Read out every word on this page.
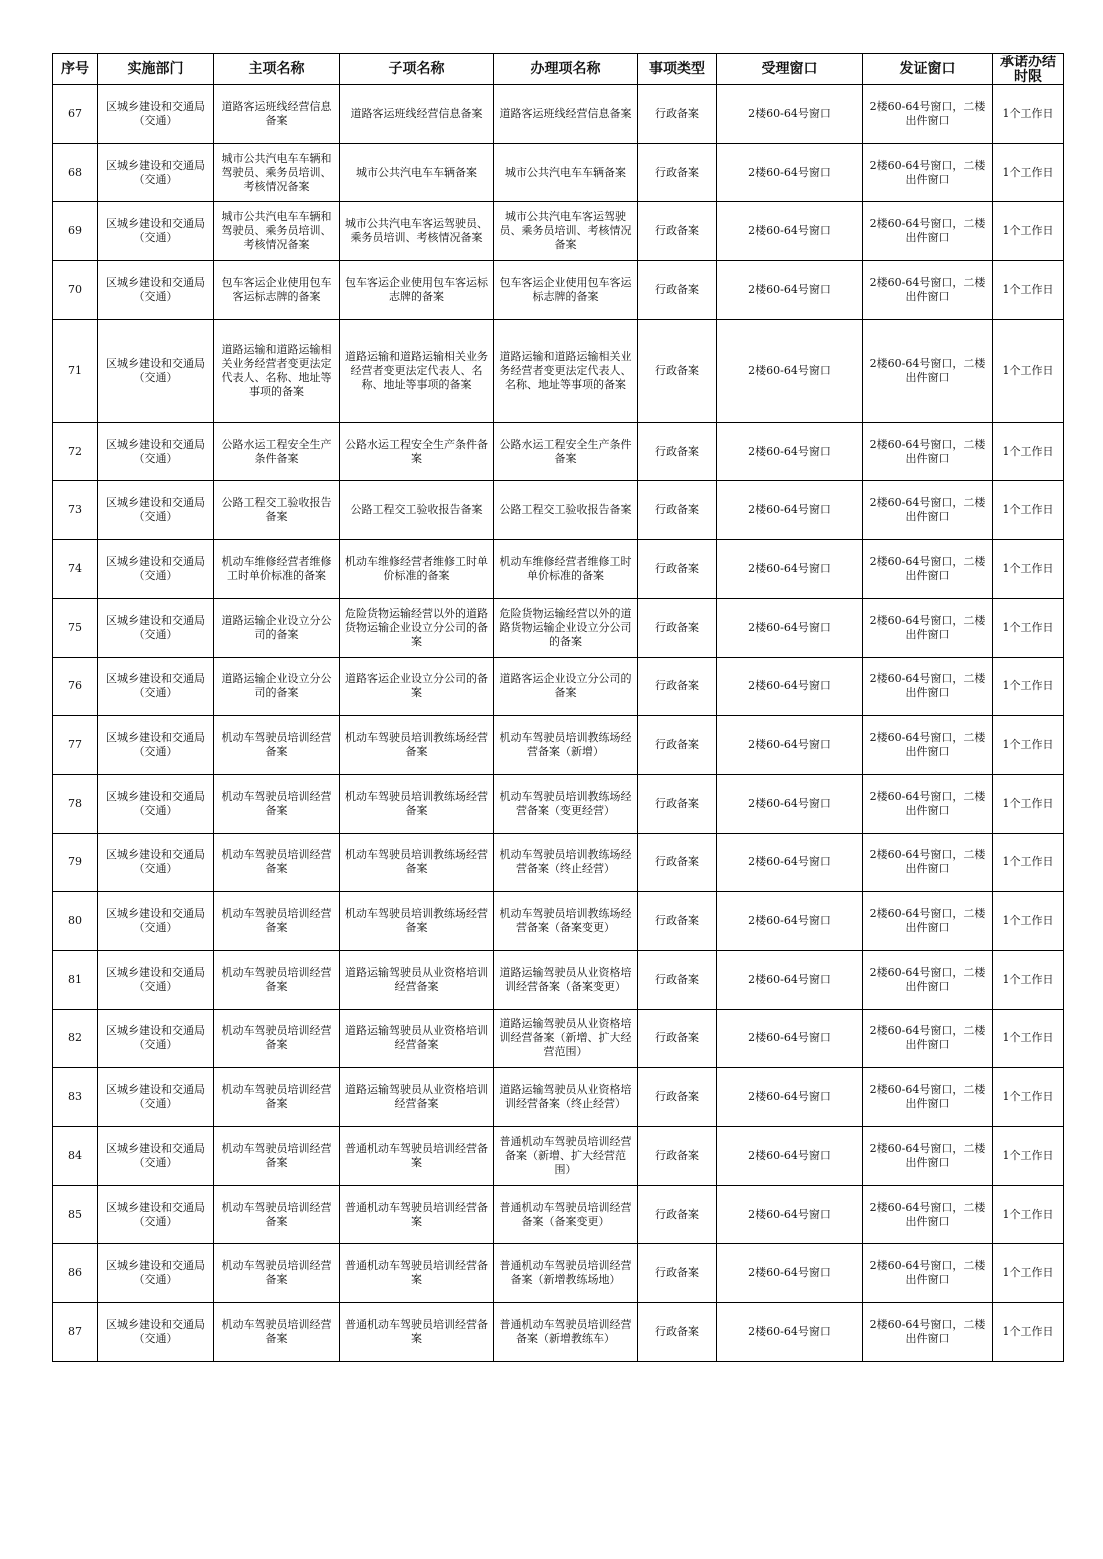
序号	实施部门	主项名称	子项名称	办理项名称	事项类型	受理窗口	发证窗口	承诺办结时限

67	区城乡建设和交通局（交通）	道路客运班线经营信息备案	道路客运班线经营信息备案	道路客运班线经营信息备案	行政备案	2楼60-64号窗口	2楼60-64号窗口，二楼出件窗口	1个工作日
68	区城乡建设和交通局（交通）	城市公共汽电车车辆和驾驶员、乘务员培训、考核情况备案	城市公共汽电车车辆备案	城市公共汽电车车辆备案	行政备案	2楼60-64号窗口	2楼60-64号窗口，二楼出件窗口	1个工作日
69	区城乡建设和交通局（交通）	城市公共汽电车车辆和驾驶员、乘务员培训、考核情况备案	城市公共汽电车客运驾驶员、乘务员培训、考核情况备案	城市公共汽电车客运驾驶员、乘务员培训、考核情况备案	行政备案	2楼60-64号窗口	2楼60-64号窗口，二楼出件窗口	1个工作日
70	区城乡建设和交通局（交通）	包车客运企业使用包车客运标志牌的备案	包车客运企业使用包车客运标志牌的备案	包车客运企业使用包车客运标志牌的备案	行政备案	2楼60-64号窗口	2楼60-64号窗口，二楼出件窗口	1个工作日
71	区城乡建设和交通局（交通）	道路运输和道路运输相关业务经营者变更法定代表人、名称、地址等事项的备案	道路运输和道路运输相关业务经营者变更法定代表人、名称、地址等事项的备案	道路运输和道路运输相关业务经营者变更法定代表人、名称、地址等事项的备案	行政备案	2楼60-64号窗口	2楼60-64号窗口，二楼出件窗口	1个工作日
72	区城乡建设和交通局（交通）	公路水运工程安全生产条件备案	公路水运工程安全生产条件备案	公路水运工程安全生产条件备案	行政备案	2楼60-64号窗口	2楼60-64号窗口，二楼出件窗口	1个工作日
73	区城乡建设和交通局（交通）	公路工程交工验收报告备案	公路工程交工验收报告备案	公路工程交工验收报告备案	行政备案	2楼60-64号窗口	2楼60-64号窗口，二楼出件窗口	1个工作日
74	区城乡建设和交通局（交通）	机动车维修经营者维修工时单价标准的备案	机动车维修经营者维修工时单价标准的备案	机动车维修经营者维修工时单价标准的备案	行政备案	2楼60-64号窗口	2楼60-64号窗口，二楼出件窗口	1个工作日
75	区城乡建设和交通局（交通）	道路运输企业设立分公司的备案	危险货物运输经营以外的道路货物运输企业设立分公司的备案	危险货物运输经营以外的道路货物运输企业设立分公司的备案	行政备案	2楼60-64号窗口	2楼60-64号窗口，二楼出件窗口	1个工作日
76	区城乡建设和交通局（交通）	道路运输企业设立分公司的备案	道路客运企业设立分公司的备案	道路客运企业设立分公司的备案	行政备案	2楼60-64号窗口	2楼60-64号窗口，二楼出件窗口	1个工作日
77	区城乡建设和交通局（交通）	机动车驾驶员培训经营备案	机动车驾驶员培训教练场经营备案	机动车驾驶员培训教练场经营备案（新增）	行政备案	2楼60-64号窗口	2楼60-64号窗口，二楼出件窗口	1个工作日
78	区城乡建设和交通局（交通）	机动车驾驶员培训经营备案	机动车驾驶员培训教练场经营备案	机动车驾驶员培训教练场经营备案（变更经营）	行政备案	2楼60-64号窗口	2楼60-64号窗口，二楼出件窗口	1个工作日
79	区城乡建设和交通局（交通）	机动车驾驶员培训经营备案	机动车驾驶员培训教练场经营备案	机动车驾驶员培训教练场经营备案（终止经营）	行政备案	2楼60-64号窗口	2楼60-64号窗口，二楼出件窗口	1个工作日
80	区城乡建设和交通局（交通）	机动车驾驶员培训经营备案	机动车驾驶员培训教练场经营备案	机动车驾驶员培训教练场经营备案（备案变更）	行政备案	2楼60-64号窗口	2楼60-64号窗口，二楼出件窗口	1个工作日
81	区城乡建设和交通局（交通）	机动车驾驶员培训经营备案	道路运输驾驶员从业资格培训经营备案	道路运输驾驶员从业资格培训经营备案（备案变更）	行政备案	2楼60-64号窗口	2楼60-64号窗口，二楼出件窗口	1个工作日
82	区城乡建设和交通局（交通）	机动车驾驶员培训经营备案	道路运输驾驶员从业资格培训经营备案	道路运输驾驶员从业资格培训经营备案（新增、扩大经营范围）	行政备案	2楼60-64号窗口	2楼60-64号窗口，二楼出件窗口	1个工作日
83	区城乡建设和交通局（交通）	机动车驾驶员培训经营备案	道路运输驾驶员从业资格培训经营备案	道路运输驾驶员从业资格培训经营备案（终止经营）	行政备案	2楼60-64号窗口	2楼60-64号窗口，二楼出件窗口	1个工作日
84	区城乡建设和交通局（交通）	机动车驾驶员培训经营备案	普通机动车驾驶员培训经营备案	普通机动车驾驶员培训经营备案（新增、扩大经营范围）	行政备案	2楼60-64号窗口	2楼60-64号窗口，二楼出件窗口	1个工作日
85	区城乡建设和交通局（交通）	机动车驾驶员培训经营备案	普通机动车驾驶员培训经营备案	普通机动车驾驶员培训经营备案（备案变更）	行政备案	2楼60-64号窗口	2楼60-64号窗口，二楼出件窗口	1个工作日
86	区城乡建设和交通局（交通）	机动车驾驶员培训经营备案	普通机动车驾驶员培训经营备案	普通机动车驾驶员培训经营备案（新增教练场地）	行政备案	2楼60-64号窗口	2楼60-64号窗口，二楼出件窗口	1个工作日
87	区城乡建设和交通局（交通）	机动车驾驶员培训经营备案	普通机动车驾驶员培训经营备案	普通机动车驾驶员培训经营备案（新增教练车）	行政备案	2楼60-64号窗口	2楼60-64号窗口，二楼出件窗口	1个工作日
